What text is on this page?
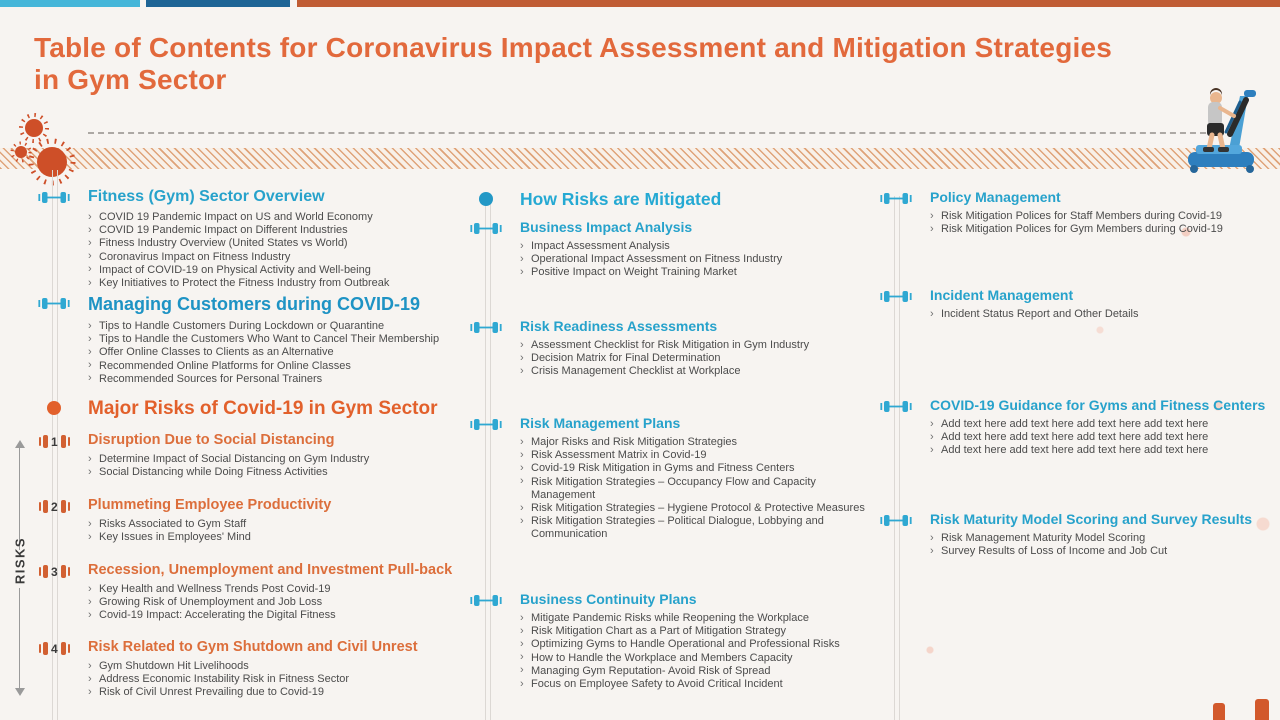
Table of Contents for Coronavirus Impact Assessment and Mitigation Strategies in Gym Sector
Fitness (Gym) Sector Overview
› COVID 19 Pandemic Impact on US and World Economy
› COVID 19 Pandemic Impact on Different Industries
› Fitness Industry Overview (United States vs World)
› Coronavirus Impact on Fitness Industry
› Impact of COVID-19 on Physical Activity and Well-being
› Key Initiatives to Protect the Fitness Industry from Outbreak
Managing Customers during COVID-19
› Tips to Handle Customers During Lockdown or Quarantine
› Tips to Handle the Customers Who Want to Cancel Their Membership
› Offer Online Classes to Clients as an Alternative
› Recommended Online Platforms for Online Classes
› Recommended Sources for Personal Trainers
Major Risks of Covid-19 in Gym Sector
1	Disruption Due to Social Distancing
› Determine Impact of Social Distancing on Gym Industry
› Social Distancing while Doing Fitness Activities
2	Plummeting Employee Productivity
› Risks Associated to Gym Staff
› Key Issues in Employees' Mind
3	Recession, Unemployment and Investment Pull-back
› Key Health and Wellness Trends Post Covid-19
› Growing Risk of Unemployment and Job Loss
› Covid-19 Impact: Accelerating the Digital Fitness
4	Risk Related to Gym Shutdown and Civil Unrest
› Gym Shutdown Hit Livelihoods
› Address Economic Instability Risk in Fitness Sector
› Risk of Civil Unrest Prevailing due to Covid-19
RISKS
How Risks are Mitigated
Business Impact Analysis
› Impact Assessment Analysis
› Operational Impact Assessment on Fitness Industry
› Positive Impact on Weight Training Market
Risk Readiness Assessments
› Assessment Checklist for Risk Mitigation in Gym Industry
› Decision Matrix for Final Determination
› Crisis Management Checklist at Workplace
Risk Management Plans
› Major Risks and Risk Mitigation Strategies
› Risk Assessment Matrix in Covid-19
› Covid-19 Risk Mitigation in Gyms and Fitness Centers
› Risk Mitigation Strategies – Occupancy Flow and Capacity Management
› Risk Mitigation Strategies – Hygiene Protocol & Protective Measures
› Risk Mitigation Strategies – Political Dialogue, Lobbying and Communication
Business Continuity Plans
› Mitigate Pandemic Risks while Reopening the Workplace
› Risk Mitigation Chart as a Part of Mitigation Strategy
› Optimizing Gyms to Handle Operational and Professional Risks
› How to Handle the Workplace and Members Capacity
› Managing Gym Reputation- Avoid Risk of Spread
› Focus on Employee Safety to Avoid Critical Incident
Policy Management
› Risk Mitigation Polices for Staff Members during Covid-19
› Risk Mitigation Polices for Gym Members during Covid-19
Incident Management
› Incident Status Report and Other Details
COVID-19 Guidance for Gyms and Fitness Centers
› Add text here add text here add text here add text here
› Add text here add text here add text here add text here
› Add text here add text here add text here add text here
Risk Maturity Model Scoring and Survey Results
› Risk Management Maturity Model Scoring
› Survey Results of Loss of Income and Job Cut
